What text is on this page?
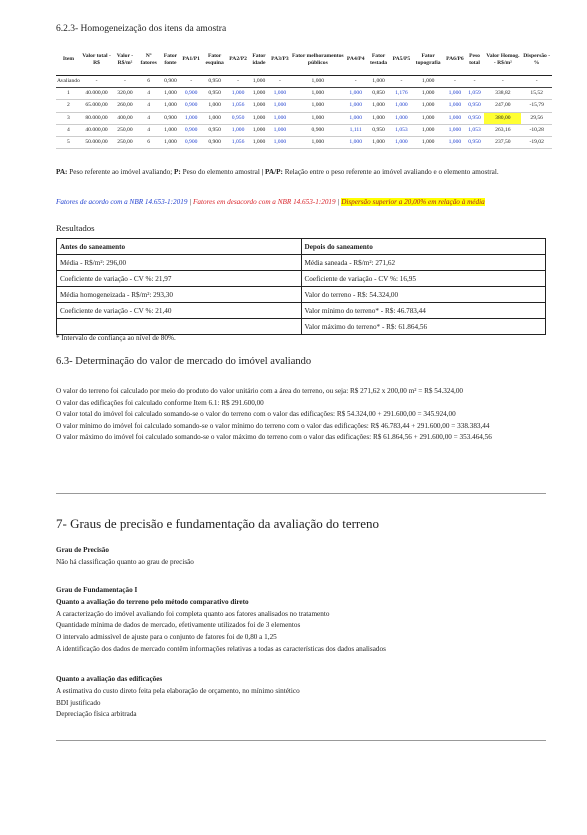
6.2.3- Homogeneização dos itens da amostra
Item	Valor total - R$	Valor - R$/m²	Nº fatores	Fator fonte	PA1/P1	Fator esquina	PA2/P2	Fator idade	PA3/P3	Fator melhoramentos públicos	PA4/P4	Fator testada	PA5/P5	Fator topografia	PA6/P6	Peso total	Valor Homog. - R$/m²	Dispersão - %
Avaliando	-	-	6	0,900	-	0,950	-	1,000	-	1,000	-	1,000	-	1,000	-	-	-	-
1	40.000,00	320,00	4	1,000	0,900	0,950	1,000	1,000	1,000	1,000	1,000	0,850	1,176	1,000	1,000	1,059	338,82	15,52
2	65.000,00	260,00	4	1,000	0,900	1,000	1,056	1,000	1,000	1,000	1,000	1,000	1,000	1,000	1,000	0,950	247,00	-15,79
3	80.000,00	400,00	4	0,900	1,000	1,000	0,950	1,000	1,000	1,000	1,000	1,000	1,000	1,000	1,000	0,950	380,00	29,56
4	40.000,00	250,00	4	1,000	0,900	0,950	1,000	1,000	1,000	0,900	1,111	0,950	1,053	1,000	1,000	1,053	263,16	-10,28
5	50.000,00	250,00	6	1,000	0,900	0,900	1,056	1,000	1,000	1,000	1,000	1,000	1,000	1,000	1,000	0,950	237,50	-19,02
PA: Peso referente ao imóvel avaliando; P: Peso do elemento amostral | PA/P: Relação entre o peso referente ao imóvel avaliando e o elemento amostral.
Fatores de acordo com a NBR 14.653-1:2019 | Fatores em desacordo com a NBR 14.653-1:2019 | Dispersão superior a 20,00% em relação à média
Resultados
Antes do saneamento	Depois do saneamento
Média - R$/m²: 296,00	Média saneada - R$/m²: 271,62
Coeficiente de variação - CV %: 21,97	Coeficiente de variação - CV %: 16,95
Média homogeneizada - R$/m²: 293,30	Valor do terreno - R$: 54.324,00
Coeficiente de variação - CV %: 21,40	Valor mínimo do terreno* - R$: 46.783,44
	Valor máximo do terreno* - R$: 61.864,56
* Intervalo de confiança ao nível de 80%.
6.3- Determinação do valor de mercado do imóvel avaliando

O valor do terreno foi calculado por meio do produto do valor unitário com a área do terreno, ou seja: R$ 271,62 x 200,00 m² = R$ 54.324,00

O valor das edificações foi calculado conforme Item 6.1: R$ 291.600,00

O valor total do imóvel foi calculado somando-se o valor do terreno com o valor das edificações: R$ 54.324,00 + 291.600,00 = 345.924,00

O valor mínimo do imóvel foi calculado somando-se o valor mínimo do terreno com o valor das edificações: R$ 46.783,44 + 291.600,00 = 338.383,44

O valor máximo do imóvel foi calculado somando-se o valor máximo do terreno com o valor das edificações: R$ 61.864,56 + 291.600,00 = 353.464,56

7- Graus de precisão e fundamentação da avaliação do terreno

Grau de Precisão

Não há classificação quanto ao grau de precisão

Grau de Fundamentação I

Quanto a avaliação do terreno pelo método comparativo direto

A caracterização do imóvel avaliando foi completa quanto aos fatores analisados no tratamento

Quantidade mínima de dados de mercado, efetivamente utilizados foi de 3 elementos

O intervalo admissível de ajuste para o conjunto de fatores foi de 0,80 a 1,25

A identificação dos dados de mercado contêm informações relativas a todas as características dos dados analisados

Quanto a avaliação das edificações

A estimativa do custo direto feita pela elaboração de orçamento, no mínimo sintético

BDI justificado

Depreciação física arbitrada
